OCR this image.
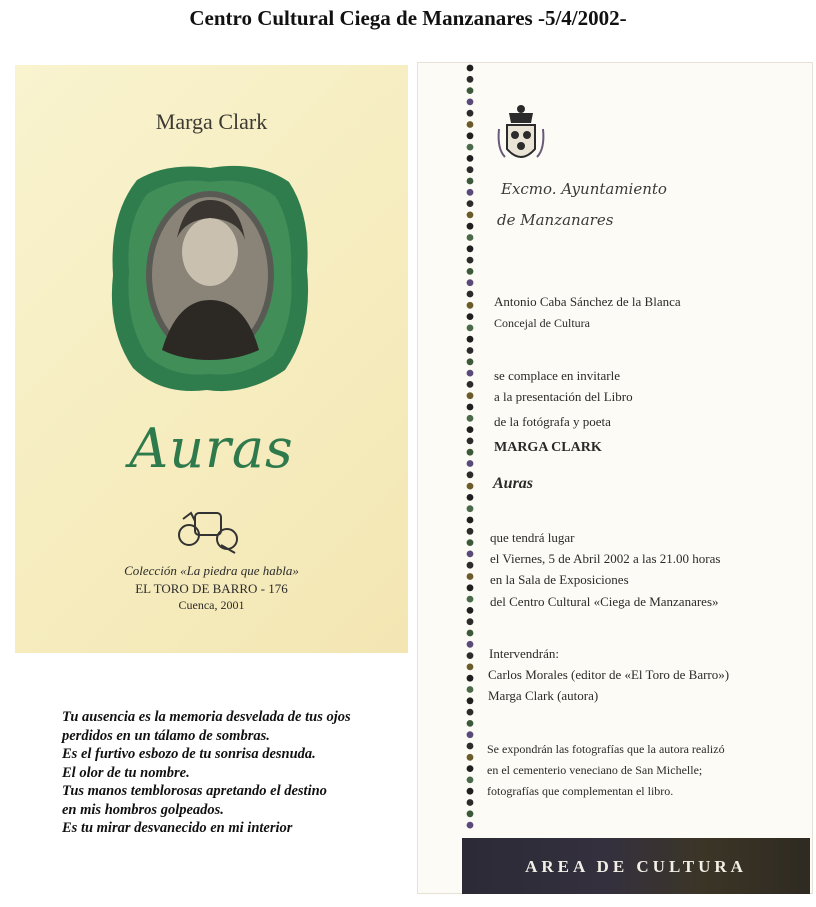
Centro Cultural Ciega de Manzanares -5/4/2002-
Marga Clark
Auras
Colección «La piedra que habla»
EL TORO DE BARRO - 176
Cuenca, 2001
Tu ausencia es la memoria desvelada de tus ojos
perdidos en un tálamo de sombras.
Es el furtivo esbozo de tu sonrisa desnuda.
El olor de tu nombre.
Tus manos temblorosas apretando el destino
en mis hombros golpeados.
Es tu mirar desvanecido en mi interior
Excmo. Ayuntamiento
de Manzanares
Antonio Caba Sánchez de la Blanca
Concejal de Cultura
se complace en invitarle
a la presentación del Libro
de la fotógrafa y poeta
MARGA CLARK
Auras
que tendrá lugar
el Viernes, 5 de Abril 2002 a las 21.00 horas
en la Sala de Exposiciones
del Centro Cultural «Ciega de Manzanares»
Intervendrán:
Carlos Morales (editor de «El Toro de Barro»)
Marga Clark (autora)
Se expondrán las fotografías que la autora realizó
en el cementerio veneciano de San Michelle;
fotografías que complementan el libro.
AREA DE CULTURA
